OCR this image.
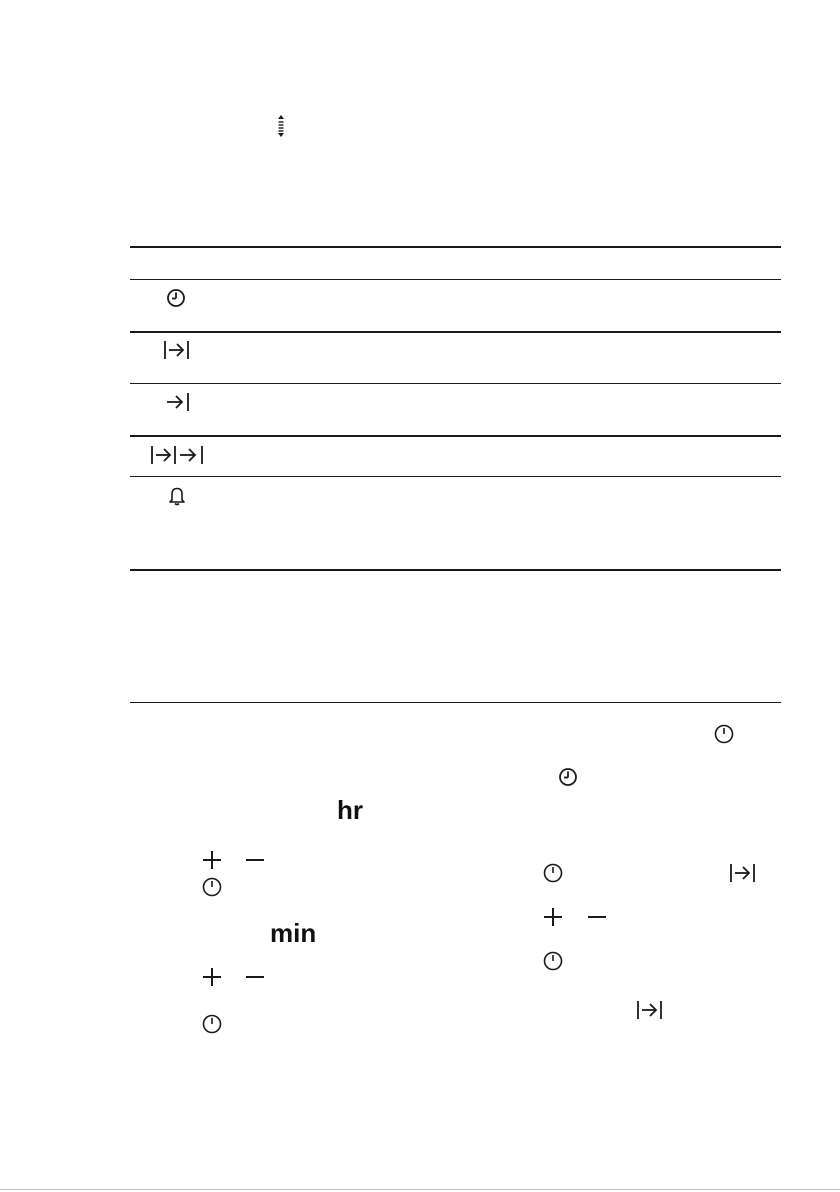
hr
min
